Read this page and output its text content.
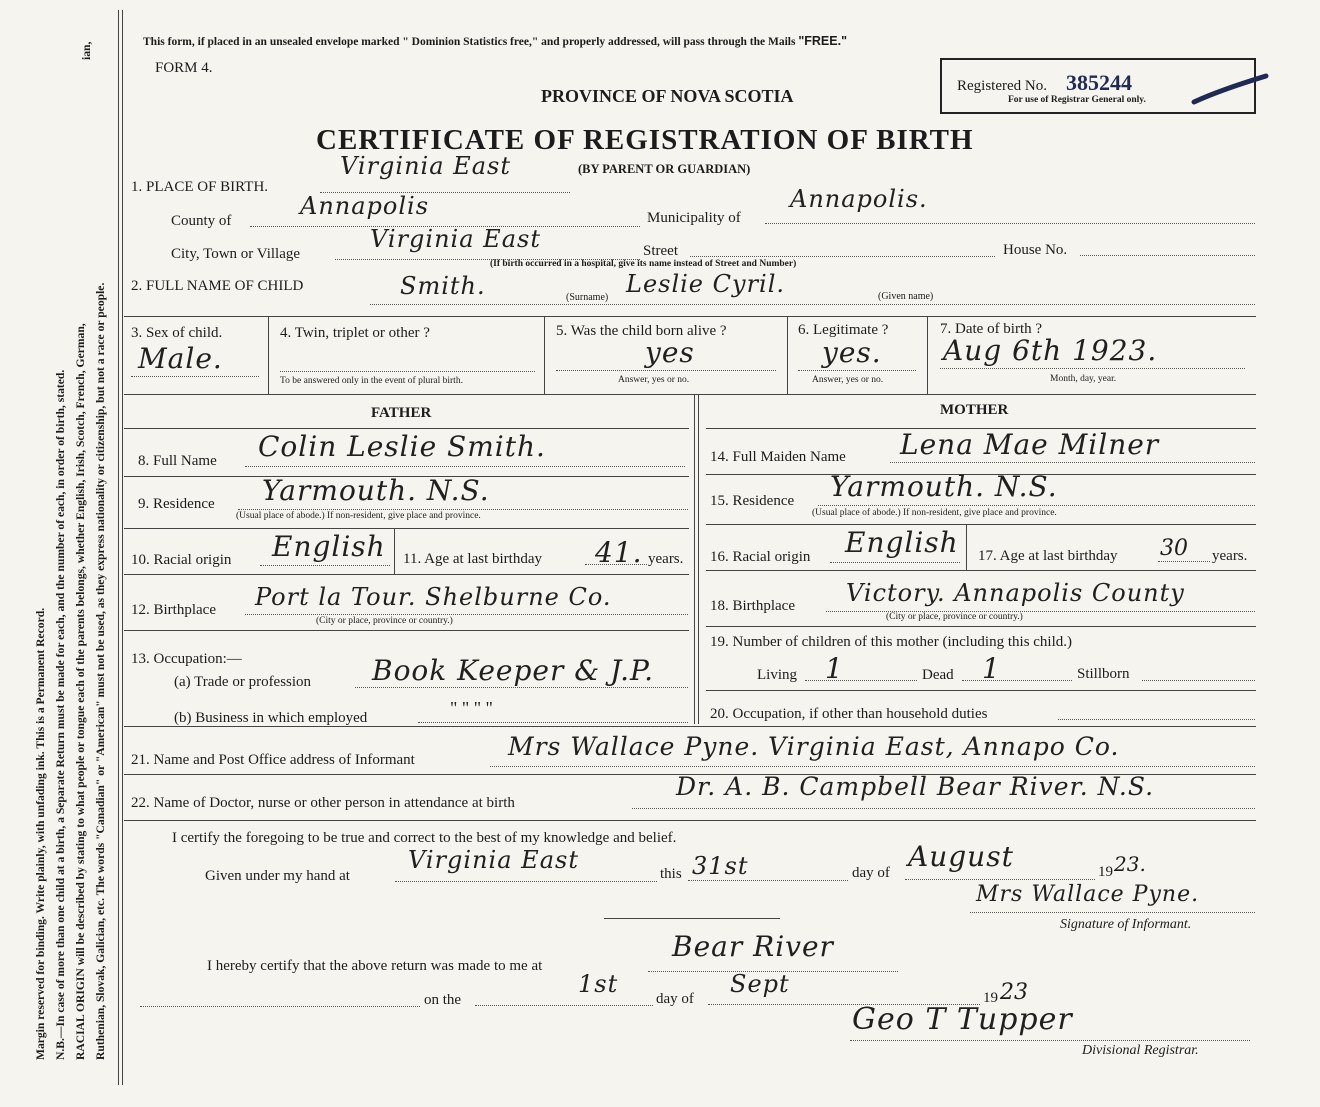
Margin reserved for binding. Write plainly, with unfading ink. This is a Permanent Record. N.B.—In case of more than one child at a birth, a Separate Return must be made for each, and the number of each, in order of birth, stated. RACIAL ORIGIN will be described by stating to what people or tongue each of the parents belongs, whether English, Irish, Scotch, French, German, Ruthenian, Slovak, Galician, etc. The words "Canadian" or "American" must not be used, as they express nationality or citizenship, but not a race or people.
ian,	This form, if placed in an unsealed envelope marked " Dominion Statistics free," and properly addressed, will pass through the Mails "FREE."
FORM 4.
PROVINCE OF NOVA SCOTIA
CERTIFICATE OF REGISTRATION OF BIRTH
(BY PARENT OR GUARDIAN)
Registered No. 385244
For use of Registrar General only.
1. PLACE OF BIRTH.
Virginia East
County of
Annapolis	Municipality of
Annapolis.
City, Town or Village
Virginia East	Street	House No.
(If birth occurred in a hospital, give its name instead of Street and Number)
2. FULL NAME OF CHILD	Smith.	(Surname) Leslie Cyril.	(Given name)
3. Sex of child.
Male.
4. Twin, triplet or other ?
To be answered only in the event of plural birth.
5. Was the child born alive ?
yes
Answer, yes or no.
6. Legitimate ?
yes.
Answer, yes or no.
7. Date of birth ?
Aug 6th 1923.
Month, day, year.
FATHER	MOTHER
8. Full Name Colin Leslie Smith.	14. Full Maiden Name Lena Mae Milner
9. Residence Yarmouth. N.S.
(Usual place of abode.) If non-resident, give place and province.
15. Residence Yarmouth. N.S.
(Usual place of abode.) If non-resident, give place and province.
10. Racial origin English 11. Age at last birthday 41. years. 16. Racial origin English 17. Age at last birthday 30 years.
12. Birthplace Port la Tour. Shelburne Co.
(City or place, province or country.)
18. Birthplace Victory. Annapolis County
(City or place, province or country.)
13. Occupation:—
(a) Trade or profession Book Keeper & J.P.
(b) Business in which employed	" " " "
19. Number of children of this mother (including this child.)
Living 1	Dead 1	Stillborn
20. Occupation, if other than household duties
21. Name and Post Office address of Informant	Mrs Wallace Pyne. Virginia East, Annapo Co.
22. Name of Doctor, nurse or other person in attendance at birth
Dr. A. B. Campbell Bear River. N.S.
I certify the foregoing to be true and correct to the best of my knowledge and belief.
Given under my hand at
Virginia East	this 31st	day of August	19 23.
Mrs Wallace Pyne.
Signature of Informant.
I hereby certify that the above return was made to me at
Bear River
on the
1st
day of
Sept	19 23
Geo T Tupper
Divisional Registrar.
